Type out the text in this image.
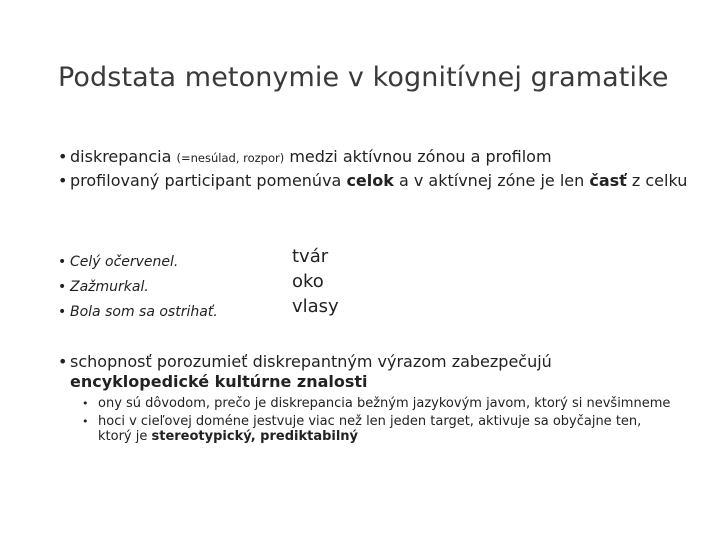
Podstata metonymie v kognitívnej gramatike
• diskrepancia (=nesúlad, rozpor) medzi aktívnou zónou a profilom
• profilovaný participant pomenúva celok a v aktívnej zóne je len časť z celku
• Celý očervenel.
• Zažmurkal.
• Bola som sa ostrihať.
tvár
oko
vlasy
• schopnosť porozumieť diskrepantným výrazom zabezpečujú encyklopedické kultúrne znalosti
• ony sú dôvodom, prečo je diskrepancia bežným jazykovým javom, ktorý si nevšimneme
• hoci v cieľovej doméne jestvuje viac než len jeden target, aktivuje sa obyčajne ten, ktorý je stereotypický, prediktabilný
